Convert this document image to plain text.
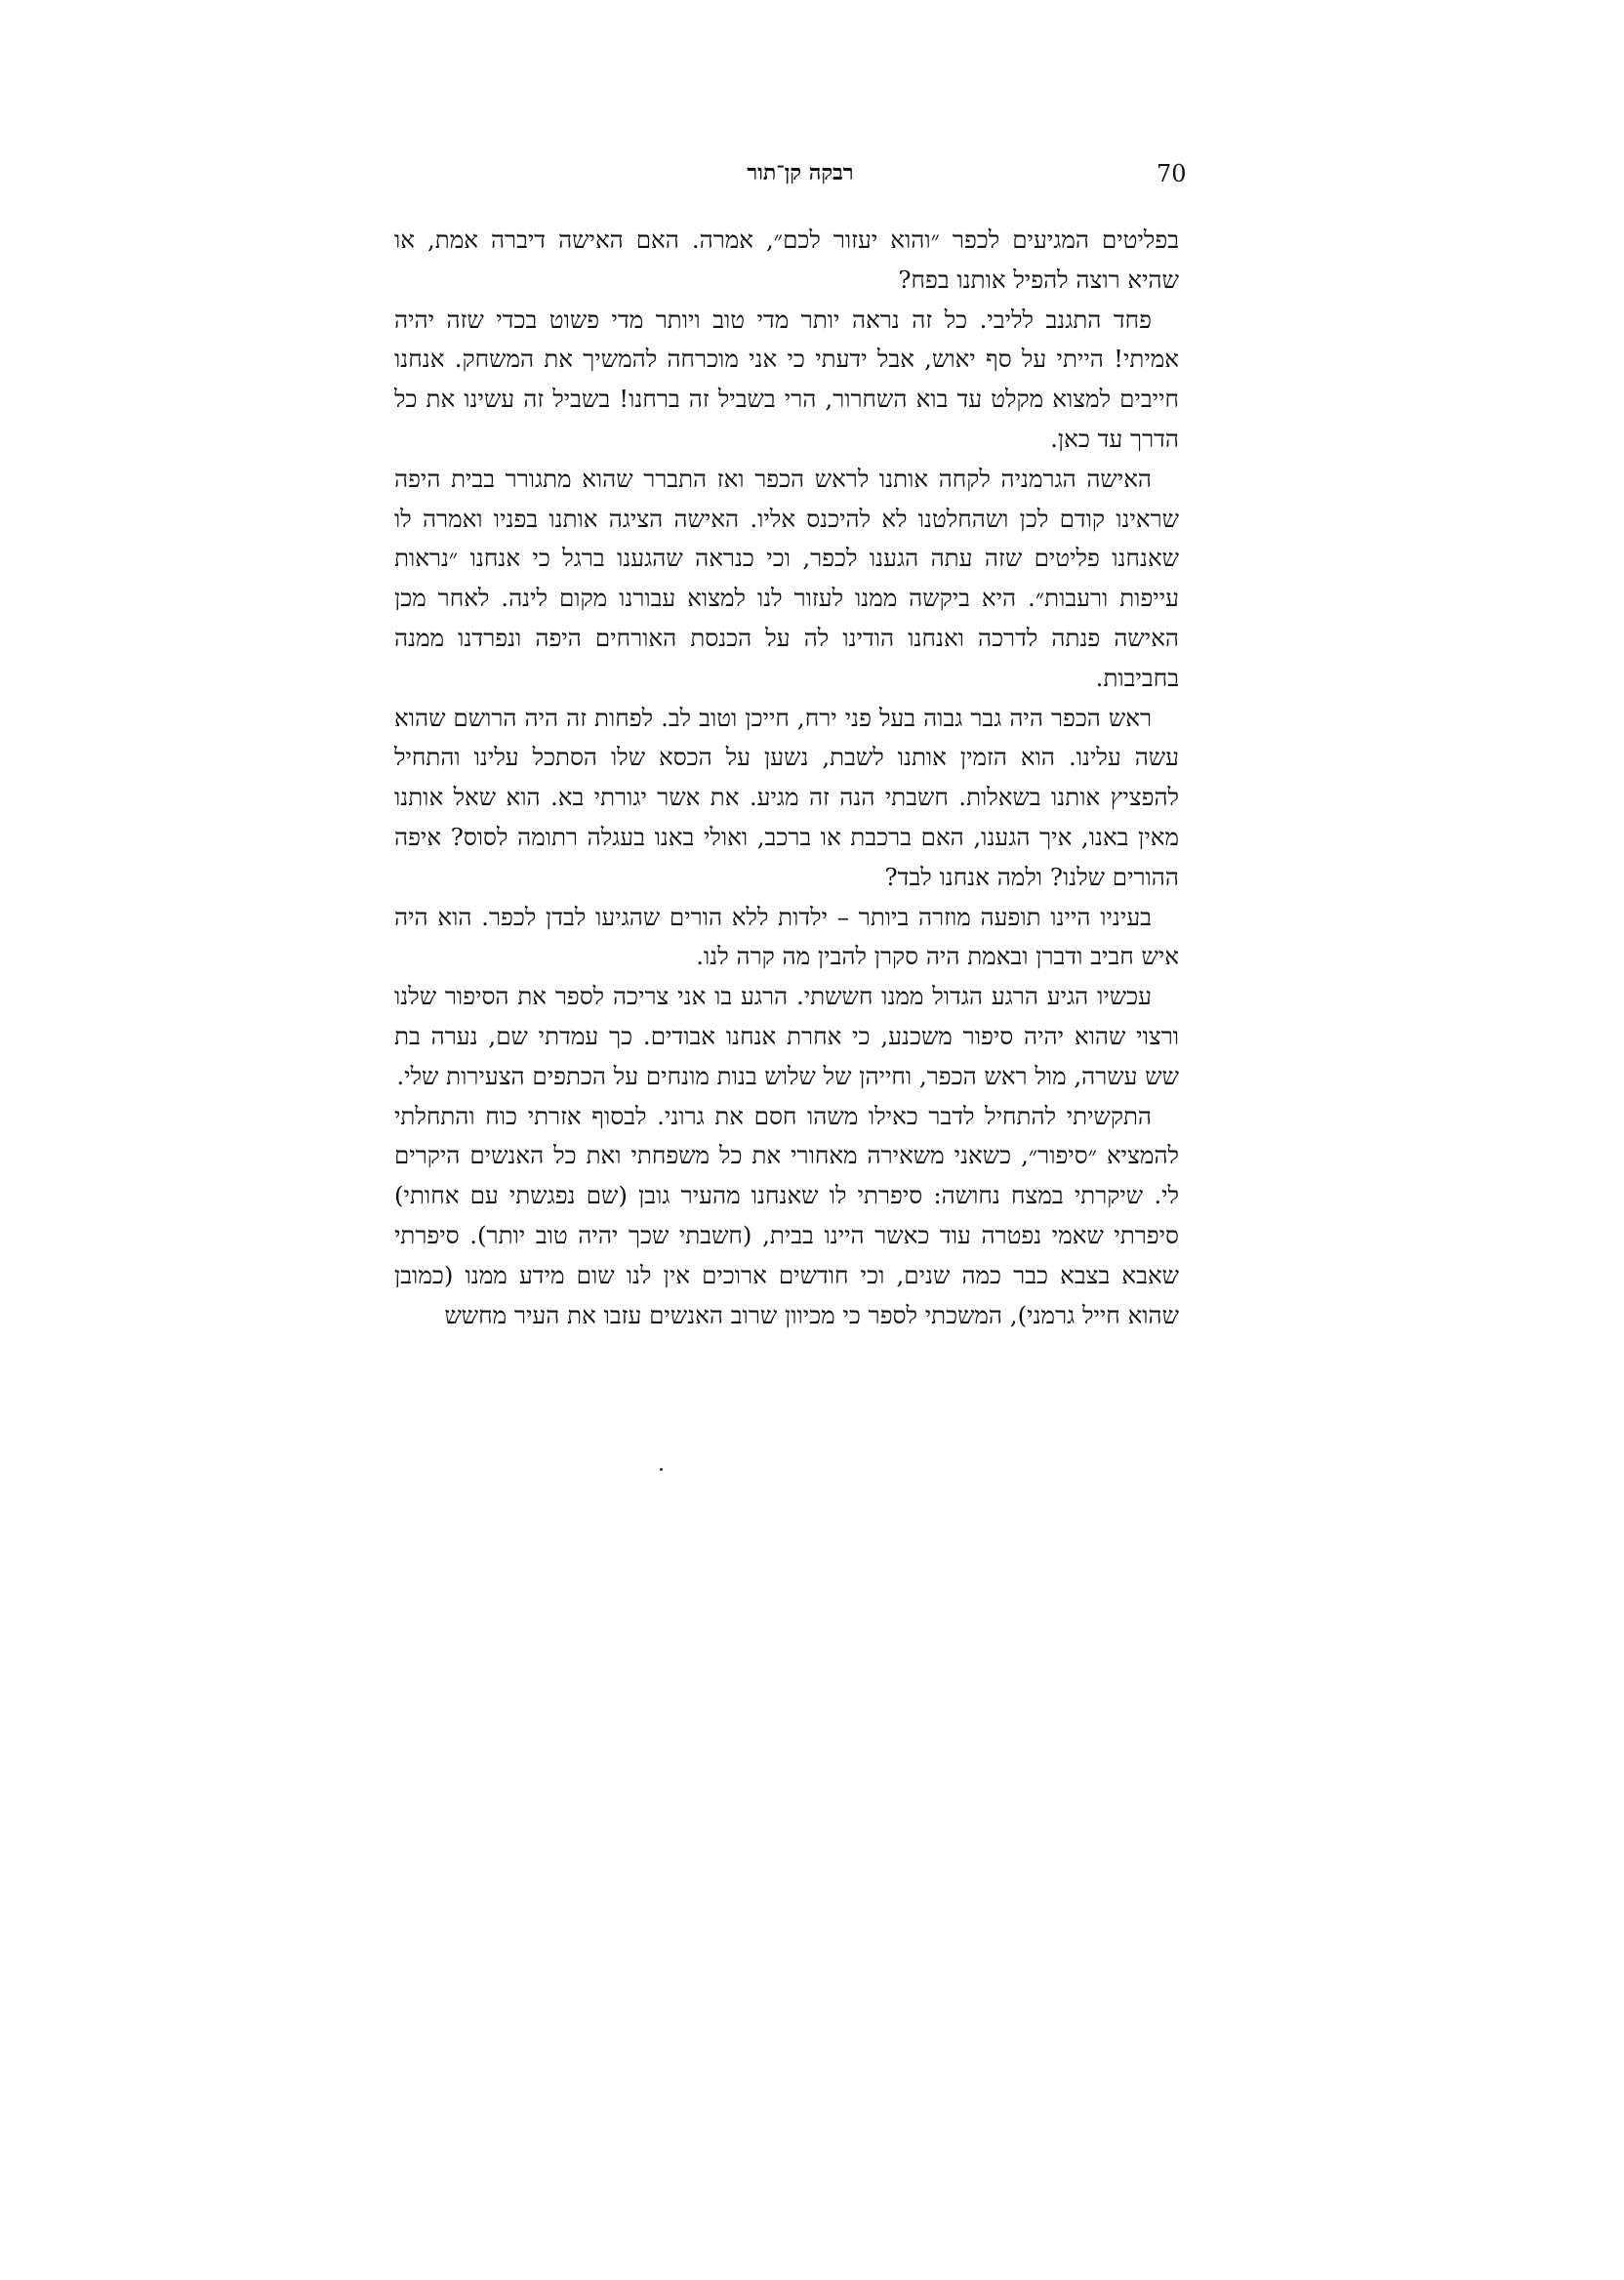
70
רבקה קן־תור

בפליטים המגיעים לכפר ״והוא יעזור לכם״, אמרה. האם האישה דיברה אמת, או שהיא רוצה להפיל אותנו בפח?

פחד התגנב לליבי. כל זה נראה יותר מדי טוב ויותר מדי פשוט בכדי שזה יהיה אמיתי! הייתי על סף יאוש, אבל ידעתי כי אני מוכרחה להמשיך את המשחק. אנחנו חייבים למצוא מקלט עד בוא השחרור, הרי בשביל זה ברחנו! בשביל זה עשינו את כל הדרך עד כאן.

האישה הגרמניה לקחה אותנו לראש הכפר ואז התברר שהוא מתגורר בבית היפה שראינו קודם לכן ושהחלטנו לא להיכנס אליו. האישה הציגה אותנו בפניו ואמרה לו שאנחנו פליטים שזה עתה הגענו לכפר, וכי כנראה שהגענו ברגל כי אנחנו ״נראות עייפות ורעבות״. היא ביקשה ממנו לעזור לנו למצוא עבורנו מקום לינה. לאחר מכן האישה פנתה לדרכה ואנחנו הודינו לה על הכנסת האורחים היפה ונפרדנו ממנה בחביבות.

ראש הכפר היה גבר גבוה בעל פני ירח, חייכן וטוב לב. לפחות זה היה הרושם שהוא עשה עלינו. הוא הזמין אותנו לשבת, נשען על הכסא שלו הסתכל עלינו והתחיל להפציץ אותנו בשאלות. חשבתי הנה זה מגיע. את אשר יגורתי בא. הוא שאל אותנו מאין באנו, איך הגענו, האם ברכבת או ברכב, ואולי באנו בעגלה רתומה לסוס? איפה ההורים שלנו? ולמה אנחנו לבד?

בעיניו היינו תופעה מוזרה ביותר – ילדות ללא הורים שהגיעו לבדן לכפר. הוא היה איש חביב ודברן ובאמת היה סקרן להבין מה קרה לנו.

עכשיו הגיע הרגע הגדול ממנו חששתי. הרגע בו אני צריכה לספר את הסיפור שלנו ורצוי שהוא יהיה סיפור משכנע, כי אחרת אנחנו אבודים. כך עמדתי שם, נערה בת שש עשרה, מול ראש הכפר, וחייהן של שלוש בנות מונחים על הכתפים הצעירות שלי.

התקשיתי להתחיל לדבר כאילו משהו חסם את גרוני. לבסוף אזרתי כוח והתחלתי להמציא ״סיפור״, כשאני משאירה מאחורי את כל משפחתי ואת כל האנשים היקרים לי. שיקרתי במצח נחושה: סיפרתי לו שאנחנו מהעיר גובן (שם נפגשתי עם אחותי) סיפרתי שאמי נפטרה עוד כאשר היינו בבית, (חשבתי שכך יהיה טוב יותר). סיפרתי שאבא בצבא כבר כמה שנים, וכי חודשים ארוכים אין לנו שום מידע ממנו (כמובן שהוא חייל גרמני), המשכתי לספר כי מכיוון שרוב האנשים עזבו את העיר מחשש
